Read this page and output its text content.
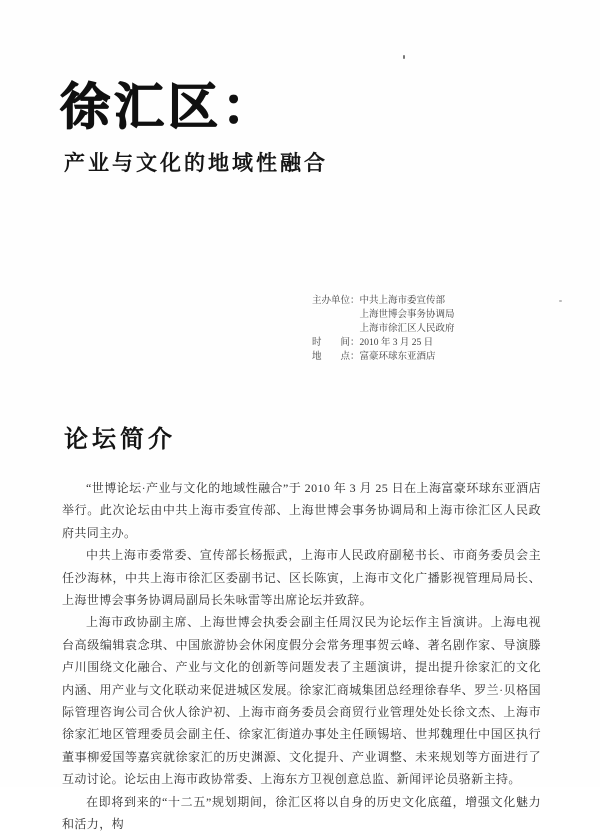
徐汇区：
产业与文化的地域性融合
主办单位： 中共上海市委宣传部
上海世博会事务协调局
上海市徐汇区人民政府
时　　间： 2010 年 3 月 25 日
地　　点： 富豪环球东亚酒店
论坛简介

“世博论坛·产业与文化的地域性融合”于 2010 年 3 月 25 日在上海富豪环球东亚酒店举行。此次论坛由中共上海市委宣传部、上海世博会事务协调局和上海市徐汇区人民政府共同主办。

中共上海市委常委、宣传部长杨振武，上海市人民政府副秘书长、市商务委员会主任沙海林，中共上海市徐汇区委副书记、区长陈寅，上海市文化广播影视管理局局长、上海世博会事务协调局副局长朱咏雷等出席论坛并致辞。

上海市政协副主席、上海世博会执委会副主任周汉民为论坛作主旨演讲。上海电视台高级编辑袁念琪、中国旅游协会休闲度假分会常务理事贺云峰、著名剧作家、导演滕卢川围绕文化融合、产业与文化的创新等问题发表了主题演讲，提出提升徐家汇的文化内涵、用产业与文化联动来促进城区发展。徐家汇商城集团总经理徐春华、罗兰·贝格国际管理咨询公司合伙人徐沪初、上海市商务委员会商贸行业管理处处长徐文杰、上海市徐家汇地区管理委员会副主任、徐家汇街道办事处主任顾锡培、世邦魏理仕中国区执行董事柳爱国等嘉宾就徐家汇的历史渊源、文化提升、产业调整、未来规划等方面进行了互动讨论。论坛由上海市政协常委、上海东方卫视创意总监、新闻评论员骆新主持。

在即将到来的“十二五”规划期间，徐汇区将以自身的历史文化底蕴，增强文化魅力和活力，构
